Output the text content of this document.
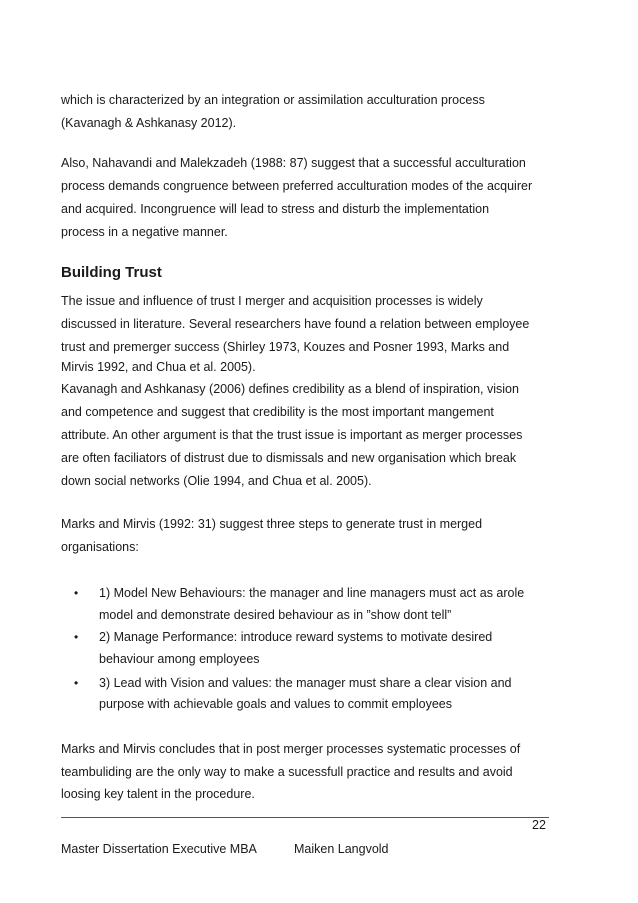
which is characterized by an integration or assimilation acculturation process
(Kavanagh & Ashkanasy 2012).
Also, Nahavandi and Malekzadeh (1988: 87) suggest that a successful acculturation
process demands congruence between preferred acculturation modes of the acquirer
and acquired. Incongruence will lead to stress and disturb the implementation
process in a negative manner.
Building Trust
The issue and influence of trust I merger and acquisition processes is widely
discussed in literature. Several researchers have found a relation between employee
trust and premerger success (Shirley 1973, Kouzes and Posner 1993, Marks and
Mirvis 1992, and Chua et al. 2005).
Kavanagh and Ashkanasy (2006) defines credibility as a blend of inspiration, vision
and competence and suggest that credibility is the most important mangement
attribute. An other argument is that the trust issue is important as merger processes
are often faciliators of distrust due to dismissals and new organisation which break
down social networks (Olie 1994, and Chua et al. 2005).
Marks and Mirvis (1992: 31) suggest three steps to generate trust in merged
organisations:
• 1) Model New Behaviours: the manager and line managers must act as arole
model and demonstrate desired behaviour as in ”show dont tell”
• 2) Manage Performance: introduce reward systems to motivate desired
behaviour among employees
• 3) Lead with Vision and values: the manager must share a clear vision and
purpose with achievable goals and values to commit employees
Marks and Mirvis concludes that in post merger processes systematic processes of
teambuliding are the only way to make a sucessfull practice and results and avoid
loosing key talent in the procedure.
22
Master Dissertation Executive MBA	Maiken Langvold
